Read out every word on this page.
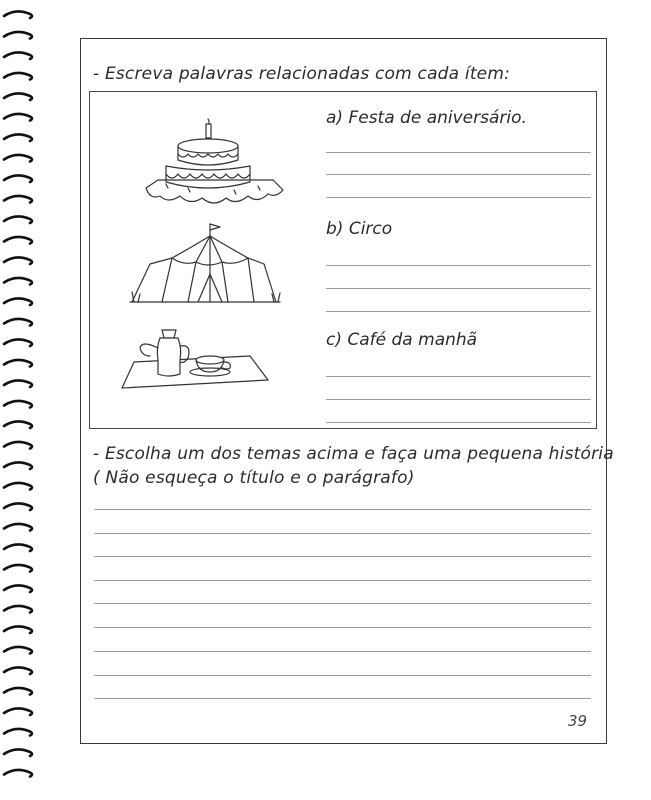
- Escreva palavras relacionadas com cada ítem:
a) Festa de aniversário.
b) Circo
c) Café da manhã
- Escolha um dos temas acima e faça uma pequena história
( Não esqueça o título e o parágrafo)
39
